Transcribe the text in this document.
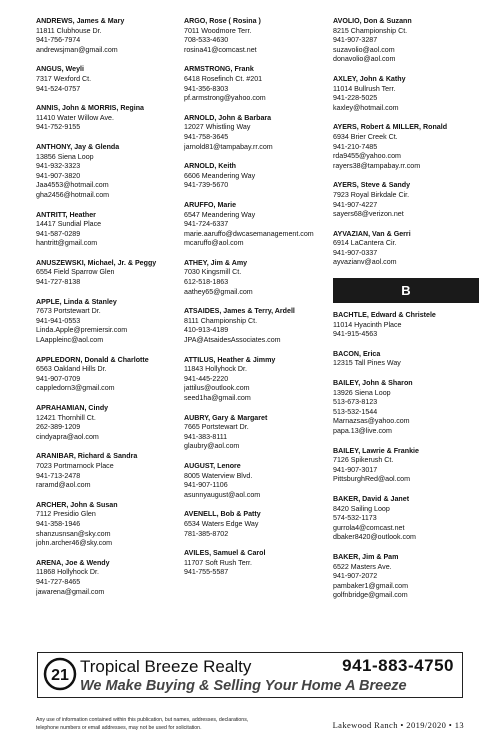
ANDREWS, James & Mary
11811 Clubhouse Dr.
941-756-7974
andrewsjman@gmail.com
ANGUS, Weyli
7317 Wexford Ct.
941-524-0757
ANNIS, John & MORRIS, Regina
11410 Water Willow Ave.
941-752-9155
ANTHONY, Jay & Glenda
13856 Siena Loop
941-932-3323
941-907-3820
Jaa4553@hotmail.com
gha2456@hotmail.com
ANTRITT, Heather
14417 Sundial Place
941-587-0289
hantritt@gmail.com
ANUSZEWSKI, Michael, Jr. & Peggy
6554 Field Sparrow Glen
941-727-8138
APPLE, Linda & Stanley
7673 Portstewart Dr.
941-941-0553
Linda.Apple@premiersir.com
LAappleinc@aol.com
APPLEDORN, Donald & Charlotte
6563 Oakland Hills Dr.
941-907-0709
cappledorn3@gmail.com
APRAHAMIAN, Cindy
12421 Thornhill Ct.
262-389-1209
cindyapra@aol.com
ARANIBAR, Richard & Sandra
7023 Portmarnock Place
941-713-2478
raramd@aol.com
ARCHER, John & Susan
7112 Presidio Glen
941-358-1946
shanzusnsan@sky.com
john.archer46@sky.com
ARENA, Joe & Wendy
11868 Hollyhock Dr.
941-727-8465
jawarena@gmail.com
ARGO, Rose ( Rosina )
7011 Woodmore Terr.
708-533-4630
rosina41@comcast.net
ARMSTRONG, Frank
6418 Rosefinch Ct. #201
941-356-8303
pf.armstrong@yahoo.com
ARNOLD, John & Barbara
12027 Whistling Way
941-758-3645
jarnold81@tampabay.rr.com
ARNOLD, Keith
6606 Meandering Way
941-739-5670
ARUFFO, Marie
6547 Meandering Way
941-724-6337
marie.aaruffo@dwcasemanagement.com
mcaruffo@aol.com
ATHEY, Jim & Amy
7030 Kingsmill Ct.
612-518-1863
aathey65@gmail.com
ATSAIDES, James & Terry, Ardell
8111 Championship Ct.
410-913-4189
JPA@AtsaidesAssociates.com
ATTILUS, Heather & Jimmy
11843 Hollyhock Dr.
941-445-2220
jattilus@outlook.com
seed1ha@gmail.com
AUBRY, Gary & Margaret
7665 Portstewart Dr.
941-383-8111
glaubry@aol.com
AUGUST, Lenore
8005 Waterview Blvd.
941-907-1106
asunnyaugust@aol.com
AVENELL, Bob & Patty
6534 Waters Edge Way
781-385-8702
AVILES, Samuel & Carol
11707 Soft Rush Terr.
941-755-5587
AVOLIO, Don & Suzann
8215 Championship Ct.
941-907-3287
suzavolio@aol.com
donavolio@aol.com
AXLEY, John & Kathy
11014 Bullrush Terr.
941-228-5025
kaxley@hotmail.com
AYERS, Robert & MILLER, Ronald
6934 Brier Creek Ct.
941-210-7485
rda9455@yahoo.com
rayers38@tampabay.rr.com
AYERS, Steve & Sandy
7923 Royal Birkdale Cir.
941-907-4227
sayers68@verizon.net
AYVAZIAN, Van & Gerri
6914 LaCantera Cir.
941-907-0337
ayvazianv@aol.com
B
BACHTLE, Edward & Christele
11014 Hyacinth Place
941-915-4563
BACON, Erica
12315 Tall Pines Way
BAILEY, John & Sharon
13926 Siena Loop
513-673-8123
513-532-1544
Marnazsas@yahoo.com
papa.13@live.com
BAILEY, Lawrie & Frankie
7126 Spikerush Ct.
941-907-3017
PittsburghRed@aol.com
BAKER, David & Janet
8420 Sailing Loop
574-532-1173
gurrola4@comcast.net
dbaker8420@outlook.com
BAKER, Jim & Pam
6522 Masters Ave.
941-907-2072
pambaker1@gmail.com
golfnbridge@gmail.com
21 Tropical Breeze Realty	941-883-4750
We Make Buying & Selling Your Home A Breeze
Any use of information contained within this publication, but names, addresses, declarations, telephone numbers or email addresses, may not be used for solicitation.	Lakewood Ranch • 2019/2020 • 13
